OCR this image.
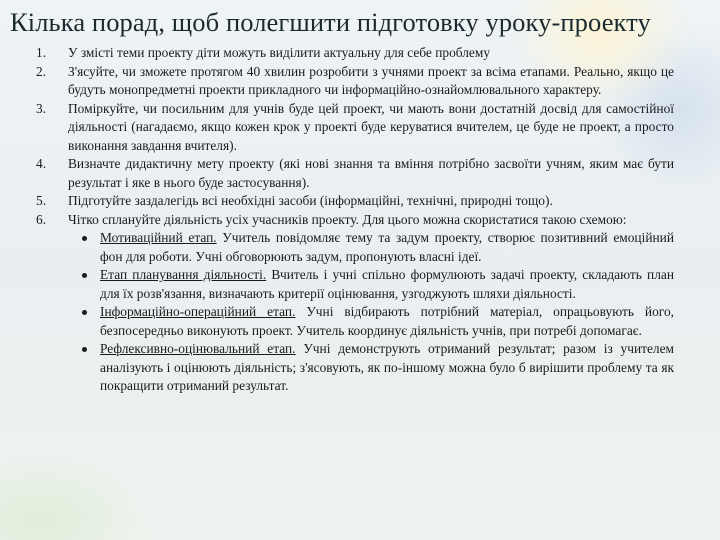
Кілька порад, щоб полегшити підготовку уроку-проекту
1.	У змісті теми проекту діти можуть виділити актуальну для себе проблему
2.	З'ясуйте, чи зможете протягом 40 хвилин розробити з учнями проект за всіма етапами. Реально, якщо це будуть монопредметні проекти прикладного чи інформаційно-ознайомлювального характеру.
3.	Поміркуйте, чи посильним для учнів буде цей проект, чи мають вони достатній досвід для самостійної діяльності (нагадаємо, якщо кожен крок у проекті буде керуватися вчителем, це буде не проект, а просто виконання завдання вчителя).
4.	Визначте дидактичну мету проекту (які нові знання та вміння потрібно засвоїти учням, яким має бути результат і яке в нього буде застосування).
5.	Підготуйте заздалегідь всі необхідні засоби (інформаційні, технічні, природні тощо).
6.	Чітко сплануйте діяльність усіх учасників проекту. Для цього можна скористатися такою схемою:
Мотиваційний етап. Учитель повідомляє тему та задум проекту, створює позитивний емоційний фон для роботи. Учні обговорюють задум, пропонують власні ідеї.
Етап планування діяльності. Вчитель і учні спільно формулюють задачі проекту, складають план для їх розв'язання, визначають критерії оцінювання, узгоджують шляхи діяльності.
Інформаційно-операційний етап. Учні відбирають потрібний матеріал, опрацьовують його, безпосередньо виконують проект. Учитель координує діяльність учнів, при потребі допомагає.
Рефлексивно-оцінювальний етап. Учні демонструють отриманий результат; разом із учителем аналізують і оцінюють діяльність; з'ясовують, як по-іншому можна було б вирішити проблему та як покращити отриманий результат.
